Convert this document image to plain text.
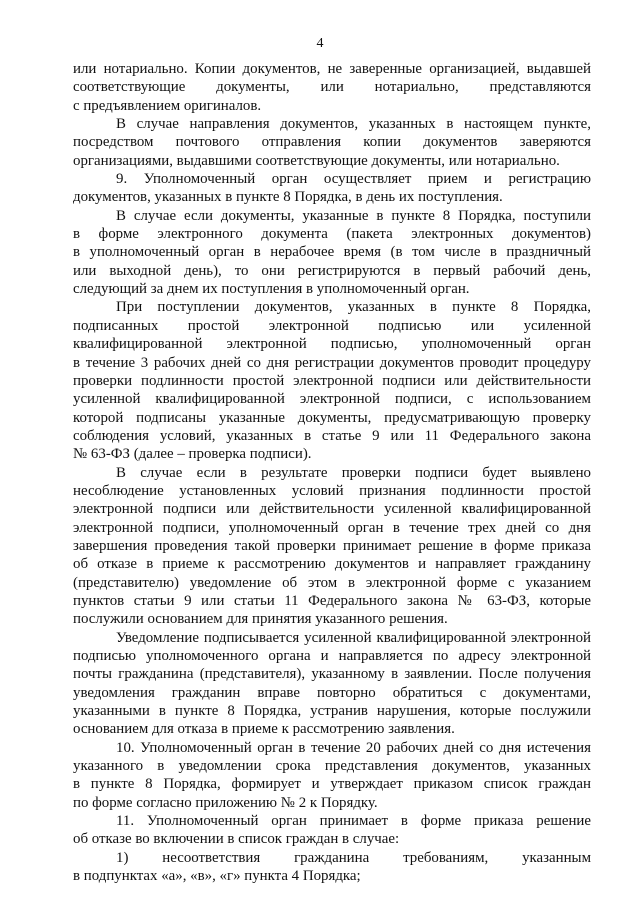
4

или нотариально. Копии документов, не заверенные организацией, выдавшей
соответствующие документы, или нотариально, представляются
с предъявлением оригиналов.

В случае направления документов, указанных в настоящем пункте,
посредством почтового отправления копии документов заверяются
организациями, выдавшими соответствующие документы, или нотариально.

9. Уполномоченный орган осуществляет прием и регистрацию
документов, указанных в пункте 8 Порядка, в день их поступления.

В случае если документы, указанные в пункте 8 Порядка, поступили
в форме электронного документа (пакета электронных документов)
в уполномоченный орган в нерабочее время (в том числе в праздничный
или выходной день), то они регистрируются в первый рабочий день,
следующий за днем их поступления в уполномоченный орган.

При поступлении документов, указанных в пункте 8 Порядка,
подписанных простой электронной подписью или усиленной
квалифицированной электронной подписью, уполномоченный орган
в течение 3 рабочих дней со дня регистрации документов проводит процедуру
проверки подлинности простой электронной подписи или действительности
усиленной квалифицированной электронной подписи, с использованием
которой подписаны указанные документы, предусматривающую проверку
соблюдения условий, указанных в статье 9 или 11 Федерального закона
№ 63-ФЗ (далее – проверка подписи).

В случае если в результате проверки подписи будет выявлено
несоблюдение установленных условий признания подлинности простой
электронной подписи или действительности усиленной квалифицированной
электронной подписи, уполномоченный орган в течение трех дней со дня
завершения проведения такой проверки принимает решение в форме приказа
об отказе в приеме к рассмотрению документов и направляет гражданину
(представителю) уведомление об этом в электронной форме с указанием
пунктов статьи 9 или статьи 11 Федерального закона № 63-ФЗ, которые
послужили основанием для принятия указанного решения.

Уведомление подписывается усиленной квалифицированной электронной
подписью уполномоченного органа и направляется по адресу электронной
почты гражданина (представителя), указанному в заявлении. После получения
уведомления гражданин вправе повторно обратиться с документами,
указанными в пункте 8 Порядка, устранив нарушения, которые послужили
основанием для отказа в приеме к рассмотрению заявления.

10. Уполномоченный орган в течение 20 рабочих дней со дня истечения
указанного в уведомлении срока представления документов, указанных
в пункте 8 Порядка, формирует и утверждает приказом список граждан
по форме согласно приложению № 2 к Порядку.

11. Уполномоченный орган принимает в форме приказа решение
об отказе во включении в список граждан в случае:

1) несоответствия гражданина требованиям, указанным
в подпунктах «а», «в», «г» пункта 4 Порядка;
